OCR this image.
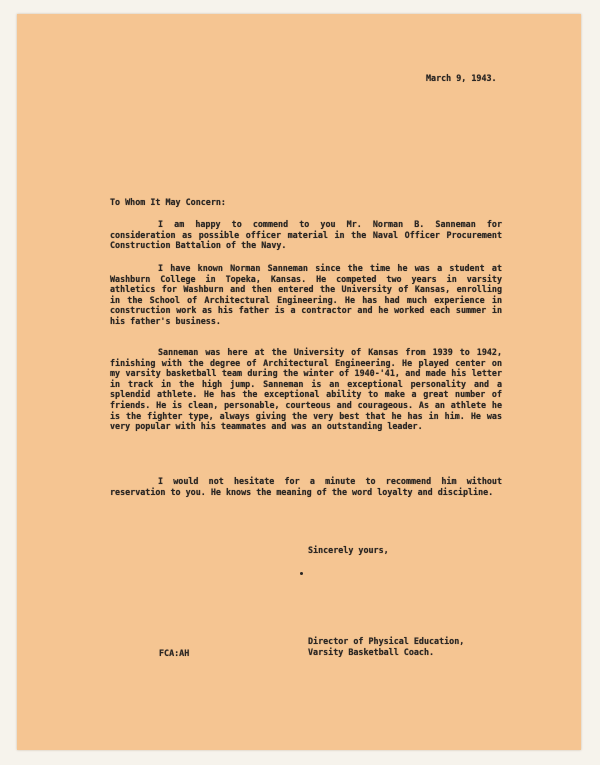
March 9, 1943.
To Whom It May Concern:
I am happy to commend to you Mr. Norman B. Sanneman for consideration as possible officer material in the Naval Officer Procurement Construction Battalion of the Navy.
I have known Norman Sanneman since the time he was a student at Washburn College in Topeka, Kansas. He competed two years in varsity athletics for Washburn and then entered the University of Kansas, enrolling in the School of Architectural Engineering. He has had much experience in construction work as his father is a contractor and he worked each summer in his father's business.
Sanneman was here at the University of Kansas from 1939 to 1942, finishing with the degree of Architectural Engineering. He played center on my varsity basketball team during the winter of 1940-'41, and made his letter in track in the high jump. Sanneman is an exceptional personality and a splendid athlete. He has the exceptional ability to make a great number of friends. He is clean, personable, courteous and courageous. As an athlete he is the fighter type, always giving the very best that he has in him. He was very popular with his teammates and was an outstanding leader.
I would not hesitate for a minute to recommend him without reservation to you. He knows the meaning of the word loyalty and discipline.
Sincerely yours,
Director of Physical Education,
Varsity Basketball Coach.
FCA:AH
